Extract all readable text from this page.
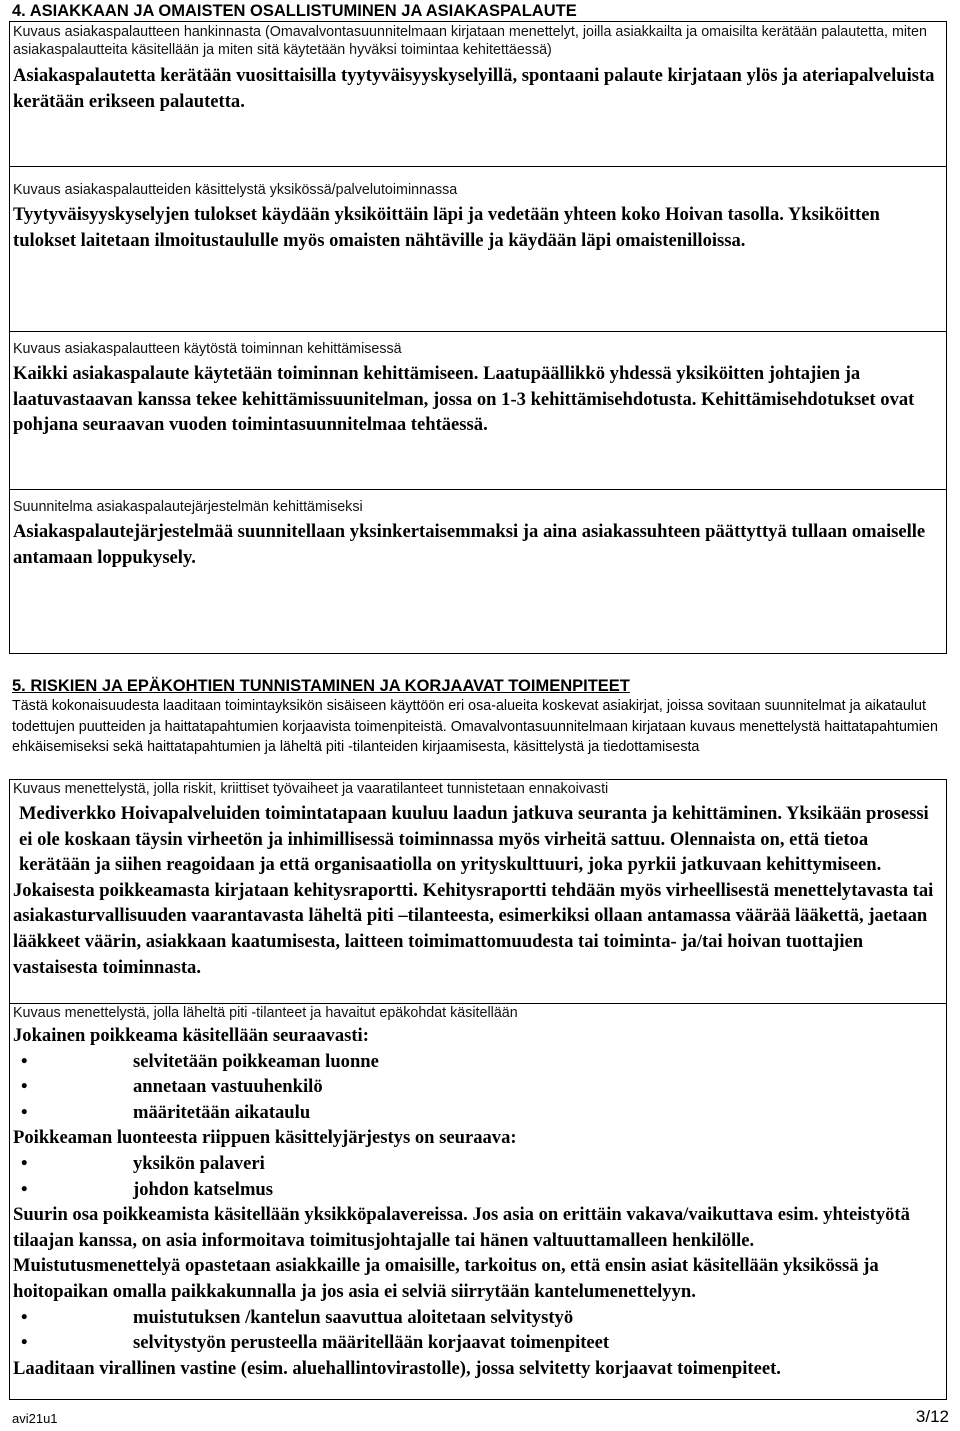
4. ASIAKKAAN JA OMAISTEN OSALLISTUMINEN JA ASIAKASPALAUTE
Kuvaus asiakaspalautteen hankinnasta (Omavalvontasuunnitelmaan kirjataan menettelyt, joilla asiakkailta ja omaisilta kerätään palautetta, miten asiakaspalautteita käsitellään ja miten sitä käytetään hyväksi toimintaa kehitettäessä)
Asiakaspalautetta kerätään vuosittaisilla tyytyväisyyskyselyillä, spontaani palaute kirjataan ylös ja ateriapalveluista kerätään erikseen palautetta.
Kuvaus asiakaspalautteiden käsittelystä yksikössä/palvelutoiminnassa
Tyytyväisyyskyselyjen tulokset käydään yksiköittäin läpi ja vedetään yhteen koko Hoivan tasolla. Yksiköitten tulokset laitetaan ilmoitustaululle myös omaisten nähtäville ja käydään läpi omaistenilloissa.
Kuvaus asiakaspalautteen käytöstä toiminnan kehittämisessä
Kaikki asiakaspalaute käytetään toiminnan kehittämiseen. Laatupäällikkö yhdessä yksiköitten johtajien ja laatuvastaavan kanssa tekee kehittämissuunitelman, jossa on 1-3 kehittämisehdotusta. Kehittämisehdotukset ovat pohjana seuraavan vuoden toimintasuunnitelmaa tehtäessä.
Suunnitelma asiakaspalautejärjestelmän kehittämiseksi
Asiakaspalautejärjestelmää suunnitellaan yksinkertaisemmaksi ja aina asiakassuhteen päättyttyä tullaan omaiselle antamaan loppukysely.
5. RISKIEN JA EPÄKOHTIEN TUNNISTAMINEN JA KORJAAVAT TOIMENPITEET
Tästä kokonaisuudesta laaditaan toimintayksikön sisäiseen käyttöön eri osa-alueita koskevat asiakirjat, joissa sovitaan suunnitelmat ja aikataulut todettujen puutteiden ja haittatapahtumien korjaavista toimenpiteistä. Omavalvontasuunnitelmaan kirjataan kuvaus menettelystä haittatapahtumien ehkäisemiseksi sekä haittatapahtumien ja läheltä piti -tilanteiden kirjaamisesta, käsittelystä ja tiedottamisesta
Kuvaus menettelystä, jolla riskit, kriittiset työvaiheet ja vaaratilanteet tunnistetaan ennakoivasti
Mediverkko Hoivapalveluiden toimintatapaan kuuluu laadun jatkuva seuranta ja kehittäminen. Yksikään prosessi ei ole koskaan täysin virheetön ja inhimillisessä toiminnassa myös virheitä sattuu. Olennaista on, että tietoa kerätään ja siihen reagoidaan ja että organisaatiolla on yrityskulttuuri, joka pyrkii jatkuvaan kehittymiseen.
Jokaisesta poikkeamasta kirjataan kehitysraportti. Kehitysraportti tehdään myös virheellisestä menettelytavasta tai asiakasturvallisuuden vaarantavasta läheltä piti –tilanteesta, esimerkiksi ollaan antamassa väärää lääkettä, jaetaan lääkkeet väärin, asiakkaan kaatumisesta, laitteen toimimattomuudesta tai toiminta- ja/tai hoivan tuottajien vastaisesta toiminnasta.
Kuvaus menettelystä, jolla läheltä piti -tilanteet ja havaitut epäkohdat käsitellään
Jokainen poikkeama käsitellään seuraavasti:
•	selvitetään poikkeaman luonne
•	annetaan vastuuhenkilö
•	määritetään aikataulu
Poikkeaman luonteesta riippuen käsittelyjärjestys on seuraava:
•	yksikön palaveri
•	johdon katselmus
Suurin osa poikkeamista käsitellään yksikköpalavereissa. Jos asia on erittäin vakava/vaikuttava esim. yhteistyötä tilaajan kanssa, on asia informoitava toimitusjohtajalle tai hänen valtuuttamalleen henkilölle.
Muistutusmenettelyä opastetaan asiakkaille ja omaisille, tarkoitus on, että ensin asiat käsitellään yksikössä ja hoitopaikan omalla paikkakunnalla ja jos asia ei selviä siirrytään kantelumenettelyyn.
•	muistutuksen /kantelun saavuttua aloitetaan selvitystyö
•	selvitystyön perusteella määritellään korjaavat toimenpiteet
Laaditaan virallinen vastine (esim. aluehallintovirastolle), jossa selvitetty korjaavat toimenpiteet.
avi21u1	3/12
